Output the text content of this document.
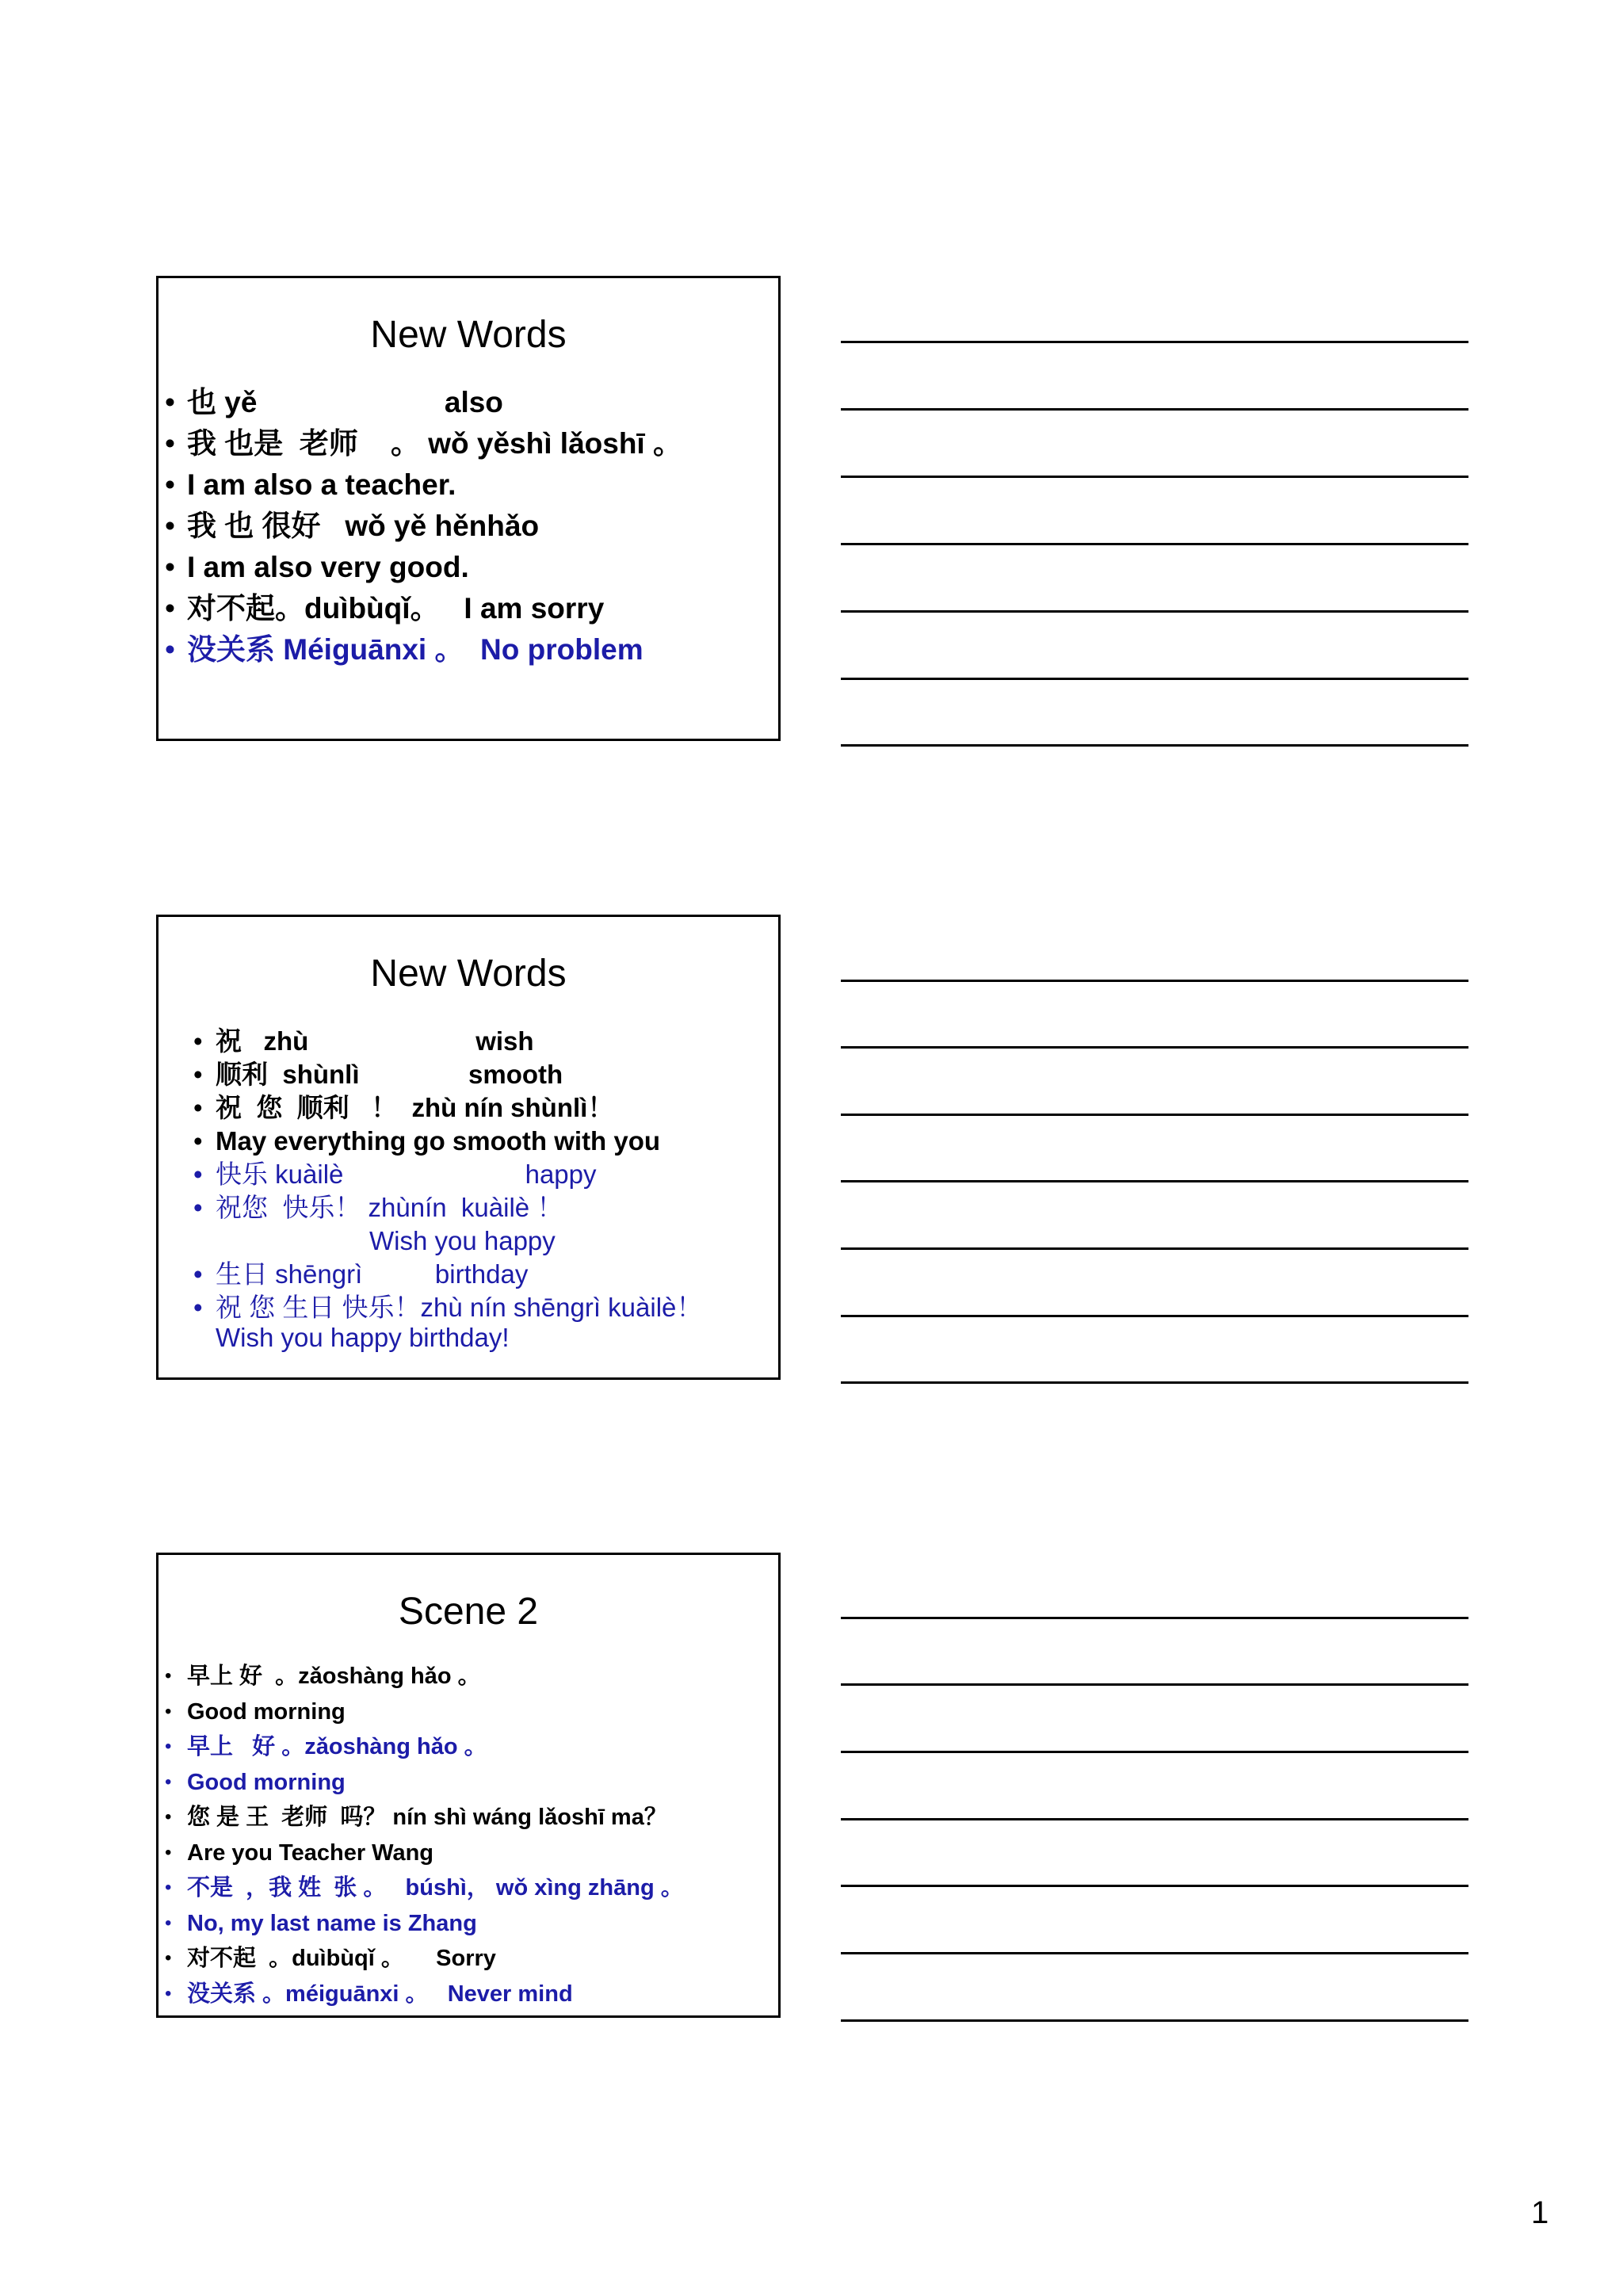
New Words
• 也 yě                       also
• 我 也是  老师    。 wǒ yěshì lǎoshī 。
• I am also a teacher.
• 我 也 很好   wǒ yě hěnhǎo
• I am also very good.
• 对不起。duìbùqǐ。   I am sorry
• 没关系 Méiguānxi 。  No problem
New Words
• 祝   zhù                       wish
• 顺利  shùnlì               smooth
• 祝  您  顺利   ！  zhù nín shùnlì！
• May everything go smooth with you
• 快乐 kuàilè                         happy
• 祝您  快乐！ zhùnín  kuàilè ！
Wish you happy
• 生日 shēngrì          birthday
• 祝 您 生日 快乐！zhù nín shēngrì kuàilè！
Wish you happy birthday!
Scene 2
• 早上 好  。zǎoshàng hǎo 。
• Good morning
• 早上   好 。zǎoshàng hǎo 。
• Good morning
• 您 是 王  老师  吗？ nín shì wáng lǎoshī ma？
• Are you Teacher Wang
• 不是  ，我 姓  张 。   búshì， wǒ xìng zhāng 。
• No, my last name is Zhang
• 对不起  。duìbùqǐ 。     Sorry
• 没关系 。méiguānxi 。   Never mind
1
